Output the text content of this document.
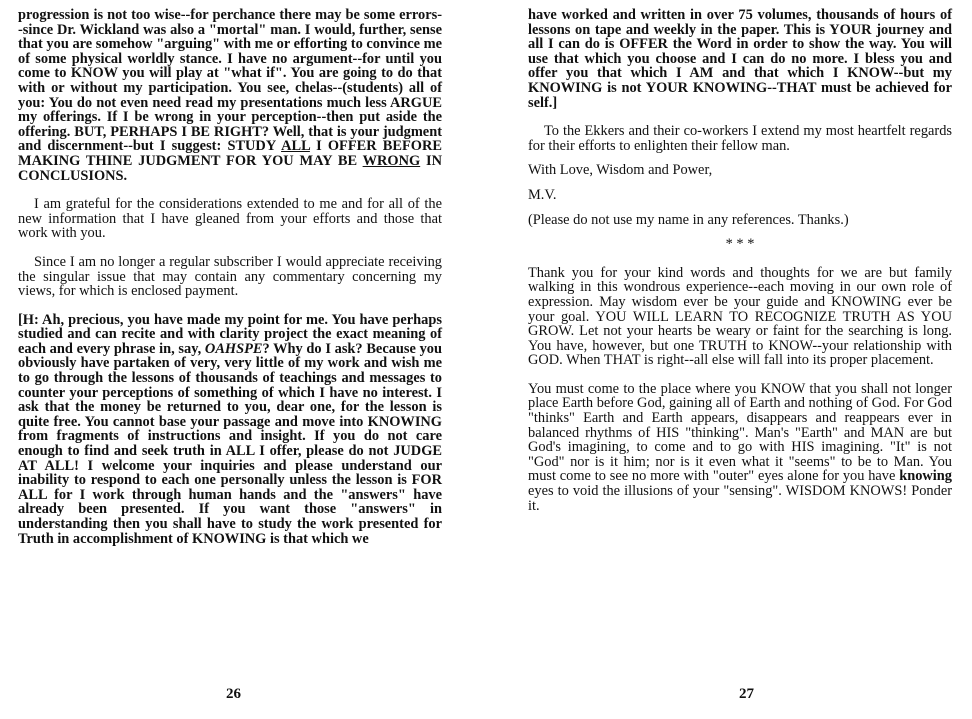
progression is not too wise--for perchance there may be some errors--since Dr. Wickland was also a "mortal" man. I would, further, sense that you are somehow "arguing" with me or efforting to convince me of some physical worldly stance. I have no argument--for until you come to KNOW you will play at "what if". You are going to do that with or without my participation. You see, chelas--(students) all of you: You do not even need read my presentations much less ARGUE my offerings. If I be wrong in your perception--then put aside the offering. BUT, PERHAPS I BE RIGHT? Well, that is your judgment and discernment--but I suggest: STUDY ALL I OFFER BEFORE MAKING THINE JUDGMENT FOR YOU MAY BE WRONG IN CONCLUSIONS.

I am grateful for the considerations extended to me and for all of the new information that I have gleaned from your efforts and those that work with you.

Since I am no longer a regular subscriber I would appreciate receiving the singular issue that may contain any commentary concerning my views, for which is enclosed payment.

[H: Ah, precious, you have made my point for me. You have perhaps studied and can recite and with clarity project the exact meaning of each and every phrase in, say, OAHSPE? Why do I ask? Because you obviously have partaken of very, very little of my work and wish me to go through the lessons of thousands of teachings and messages to counter your perceptions of something of which I have no interest. I ask that the money be returned to you, dear one, for the lesson is quite free. You cannot base your passage and move into KNOWING from fragments of instructions and insight. If you do not care enough to find and seek truth in ALL I offer, please do not JUDGE AT ALL! I welcome your inquiries and please understand our inability to respond to each one personally unless the lesson is FOR ALL for I work through human hands and the "answers" have already been presented. If you want those "answers" in understanding then you shall have to study the work presented for Truth in accomplishment of KNOWING is that which we

26

have worked and written in over 75 volumes, thousands of hours of lessons on tape and weekly in the paper. This is YOUR journey and all I can do is OFFER the Word in order to show the way. You will use that which you choose and I can do no more. I bless you and offer you that which I AM and that which I KNOW--but my KNOWING is not YOUR KNOWING--THAT must be achieved for self.]

To the Ekkers and their co-workers I extend my most heartfelt regards for their efforts to enlighten their fellow man.

With Love, Wisdom and Power,

M.V.

(Please do not use my name in any references. Thanks.)

* * *

Thank you for your kind words and thoughts for we are but family walking in this wondrous experience--each moving in our own role of expression. May wisdom ever be your guide and KNOWING ever be your goal. YOU WILL LEARN TO RECOGNIZE TRUTH AS YOU GROW. Let not your hearts be weary or faint for the searching is long. You have, however, but one TRUTH to KNOW--your relationship with GOD. When THAT is right--all else will fall into its proper placement.

You must come to the place where you KNOW that you shall not longer place Earth before God, gaining all of Earth and nothing of God. For God "thinks" Earth and Earth appears, disappears and reappears ever in balanced rhythms of HIS "thinking". Man's "Earth" and MAN are but God's imagining, to come and to go with HIS imagining. "It" is not "God" nor is it him; nor is it even what it "seems" to be to Man. You must come to see no more with "outer" eyes alone for you have knowing eyes to void the illusions of your "sensing". WISDOM KNOWS! Ponder it.

27
